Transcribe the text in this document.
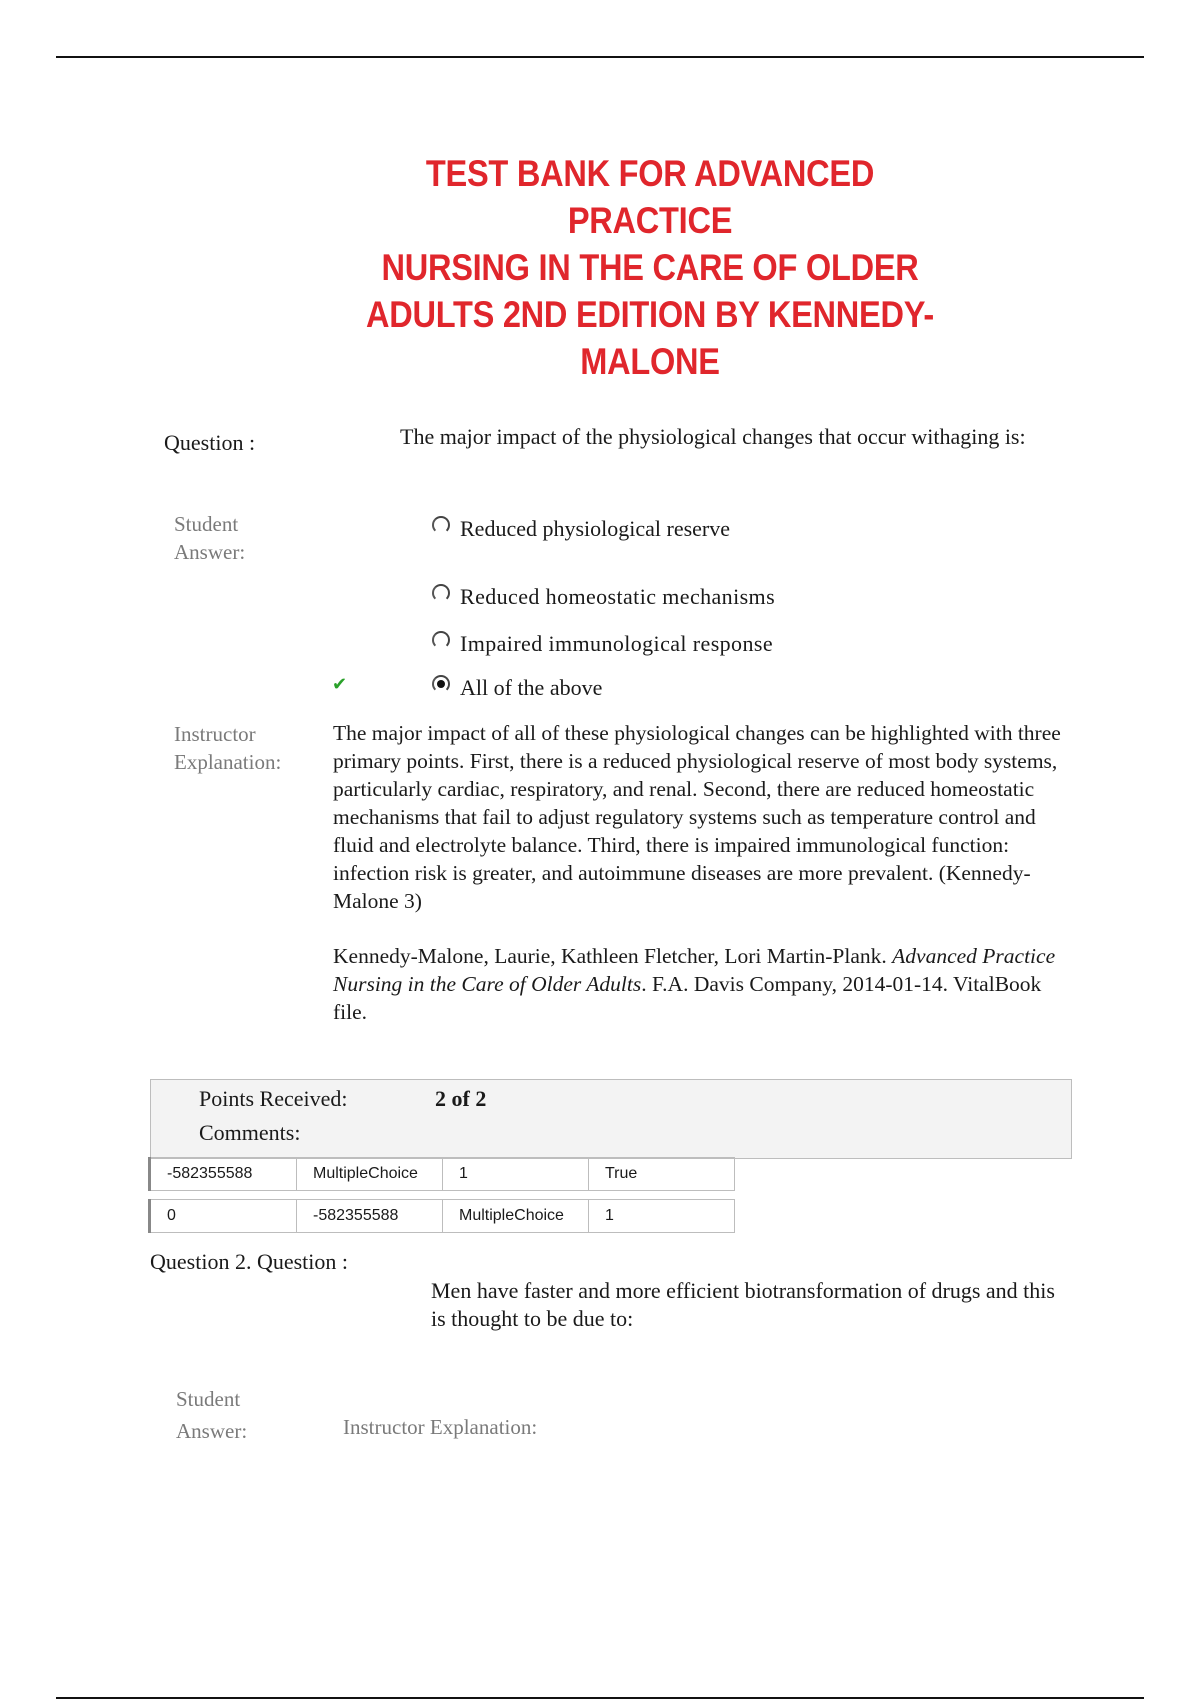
TEST BANK FOR ADVANCED PRACTICE
NURSING IN THE CARE OF OLDER
ADULTS 2ND EDITION BY KENNEDY-
MALONE
Question :	The major impact of the physiological changes that occur withaging is:
Student
Answer:
Reduced physiological reserve
Reduced homeostatic mechanisms
Impaired immunological response
✔	All of the above
Instructor
Explanation:
The major impact of all of these physiological changes can be highlighted with three primary points. First, there is a reduced physiological reserve of most body systems, particularly cardiac, respiratory, and renal. Second, there are reduced homeostatic mechanisms that fail to adjust regulatory systems such as temperature control and fluid and electrolyte balance. Third, there is impaired immunological function: infection risk is greater, and autoimmune diseases are more prevalent. (Kennedy-Malone 3)
Kennedy-Malone, Laurie, Kathleen Fletcher, Lori Martin-Plank. Advanced Practice Nursing in the Care of Older Adults. F.A. Davis Company, 2014-01-14. VitalBook file.
Points Received:	2 of 2
Comments:
-582355588	MultipleChoice	1	True
0	-582355588	MultipleChoice	1
Question 2. Question :
Men have faster and more efficient biotransformation of drugs and this is thought to be due to:
Student
Answer:	Instructor Explanation:
